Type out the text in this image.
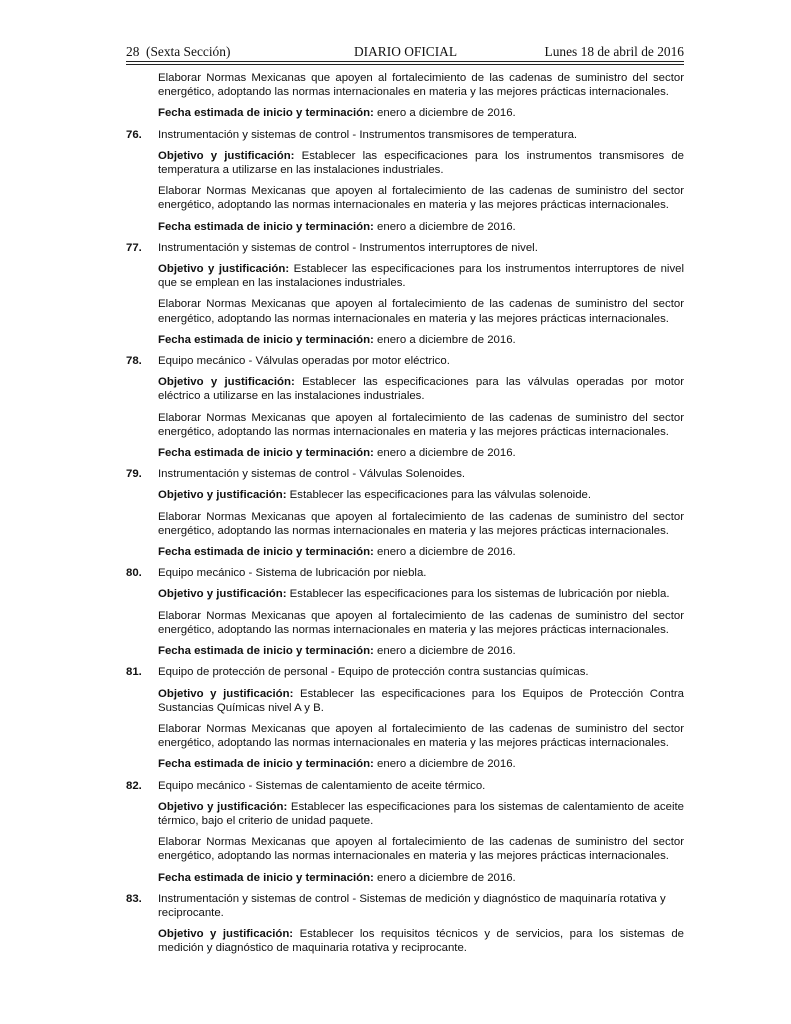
28 (Sexta Sección)	DIARIO OFICIAL	Lunes 18 de abril de 2016
Elaborar Normas Mexicanas que apoyen al fortalecimiento de las cadenas de suministro del sector energético, adoptando las normas internacionales en materia y las mejores prácticas internacionales.
Fecha estimada de inicio y terminación: enero a diciembre de 2016.
76. Instrumentación y sistemas de control - Instrumentos transmisores de temperatura.
Objetivo y justificación: Establecer las especificaciones para los instrumentos transmisores de temperatura a utilizarse en las instalaciones industriales.
Elaborar Normas Mexicanas que apoyen al fortalecimiento de las cadenas de suministro del sector energético, adoptando las normas internacionales en materia y las mejores prácticas internacionales.
Fecha estimada de inicio y terminación: enero a diciembre de 2016.
77. Instrumentación y sistemas de control - Instrumentos interruptores de nivel.
Objetivo y justificación: Establecer las especificaciones para los instrumentos interruptores de nivel que se emplean en las instalaciones industriales.
Elaborar Normas Mexicanas que apoyen al fortalecimiento de las cadenas de suministro del sector energético, adoptando las normas internacionales en materia y las mejores prácticas internacionales.
Fecha estimada de inicio y terminación: enero a diciembre de 2016.
78. Equipo mecánico - Válvulas operadas por motor eléctrico.
Objetivo y justificación: Establecer las especificaciones para las válvulas operadas por motor eléctrico a utilizarse en las instalaciones industriales.
Elaborar Normas Mexicanas que apoyen al fortalecimiento de las cadenas de suministro del sector energético, adoptando las normas internacionales en materia y las mejores prácticas internacionales.
Fecha estimada de inicio y terminación: enero a diciembre de 2016.
79. Instrumentación y sistemas de control - Válvulas Solenoides.
Objetivo y justificación: Establecer las especificaciones para las válvulas solenoide.
Elaborar Normas Mexicanas que apoyen al fortalecimiento de las cadenas de suministro del sector energético, adoptando las normas internacionales en materia y las mejores prácticas internacionales.
Fecha estimada de inicio y terminación: enero a diciembre de 2016.
80. Equipo mecánico - Sistema de lubricación por niebla.
Objetivo y justificación: Establecer las especificaciones para los sistemas de lubricación por niebla.
Elaborar Normas Mexicanas que apoyen al fortalecimiento de las cadenas de suministro del sector energético, adoptando las normas internacionales en materia y las mejores prácticas internacionales.
Fecha estimada de inicio y terminación: enero a diciembre de 2016.
81. Equipo de protección de personal - Equipo de protección contra sustancias químicas.
Objetivo y justificación: Establecer las especificaciones para los Equipos de Protección Contra Sustancias Químicas nivel A y B.
Elaborar Normas Mexicanas que apoyen al fortalecimiento de las cadenas de suministro del sector energético, adoptando las normas internacionales en materia y las mejores prácticas internacionales.
Fecha estimada de inicio y terminación: enero a diciembre de 2016.
82. Equipo mecánico - Sistemas de calentamiento de aceite térmico.
Objetivo y justificación: Establecer las especificaciones para los sistemas de calentamiento de aceite térmico, bajo el criterio de unidad paquete.
Elaborar Normas Mexicanas que apoyen al fortalecimiento de las cadenas de suministro del sector energético, adoptando las normas internacionales en materia y las mejores prácticas internacionales.
Fecha estimada de inicio y terminación: enero a diciembre de 2016.
83. Instrumentación y sistemas de control - Sistemas de medición y diagnóstico de maquinaría rotativa y reciprocante.
Objetivo y justificación: Establecer los requisitos técnicos y de servicios, para los sistemas de medición y diagnóstico de maquinaria rotativa y reciprocante.
